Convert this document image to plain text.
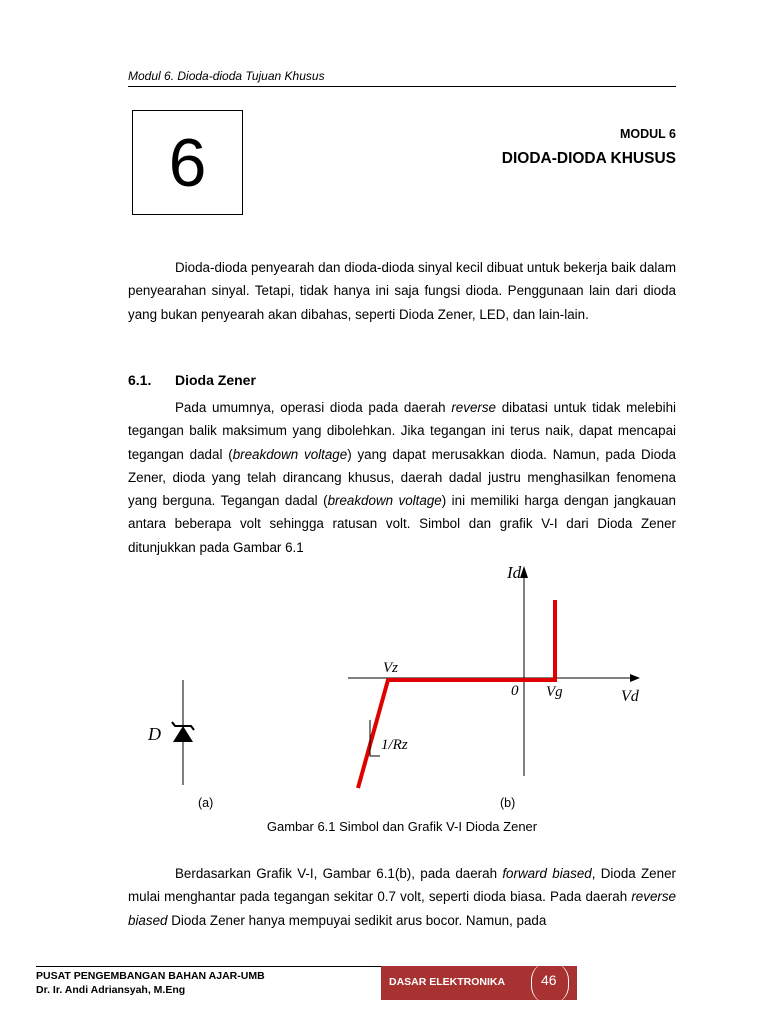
Modul 6. Dioda-dioda Tujuan Khusus
6	MODUL 6
DIODA-DIODA KHUSUS

Dioda-dioda penyearah dan dioda-dioda sinyal kecil dibuat untuk bekerja baik dalam penyearahan sinyal. Tetapi, tidak hanya ini saja fungsi dioda. Penggunaan lain dari dioda yang bukan penyearah akan dibahas, seperti Dioda Zener, LED, dan lain-lain.

6.1. Dioda Zener

Pada umumnya, operasi dioda pada daerah reverse dibatasi untuk tidak melebihi tegangan balik maksimum yang dibolehkan. Jika tegangan ini terus naik, dapat mencapai tegangan dadal (breakdown voltage) yang dapat merusakkan dioda. Namun, pada Dioda Zener, dioda yang telah dirancang khusus, daerah dadal justru menghasilkan fenomena yang berguna. Tegangan dadal (breakdown voltage) ini memiliki harga dengan jangkauan antara beberapa volt sehingga ratusan volt. Simbol dan grafik V-I dari Dioda Zener ditunjukkan pada Gambar 6.1

D
Id
Vd
0
Vz
Vg
1/Rz
(a)	(b)
Gambar 6.1 Simbol dan Grafik V-I Dioda Zener

Berdasarkan Grafik V-I, Gambar 6.1(b), pada daerah forward biased, Dioda Zener mulai menghantar pada tegangan sekitar 0.7 volt, seperti dioda biasa. Pada daerah reverse biased Dioda Zener hanya mempuyai sedikit arus bocor. Namun, pada

PUSAT PENGEMBANGAN BAHAN AJAR-UMB
Dr. Ir. Andi Adriansyah, M.Eng
DASAR ELEKTRONIKA	46
